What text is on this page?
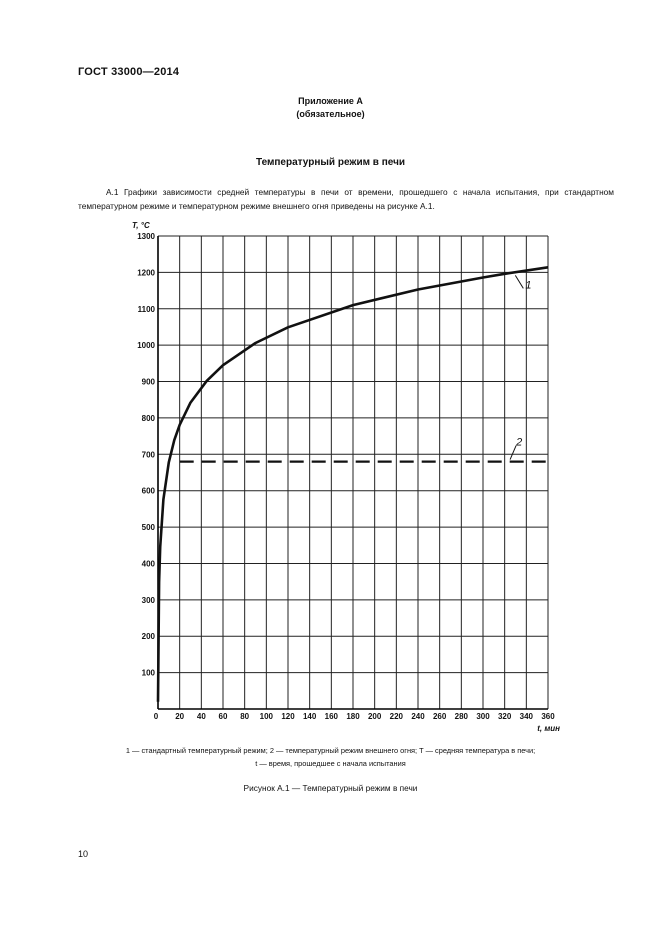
ГОСТ 33000—2014
Приложение А
(обязательное)
Температурный режим в печи
А.1 Графики зависимости средней температуры в печи от времени, прошедшего с начала испытания, при стандартном температурном режиме и температурном режиме внешнего огня приведены на рисунке А.1.
100
200
300
400
500
600
700
800
900
1000
1100
1200
1300
20 40 60 80 100 120 140 160 180 200 220 240 260 280 300 320 340 360
0
T, °C
t, мин
1
2
1 — стандартный температурный режим; 2 — температурный режим внешнего огня; T — средняя температура в печи;
t — время, прошедшее с начала испытания
Рисунок А.1 — Температурный режим в печи
10
